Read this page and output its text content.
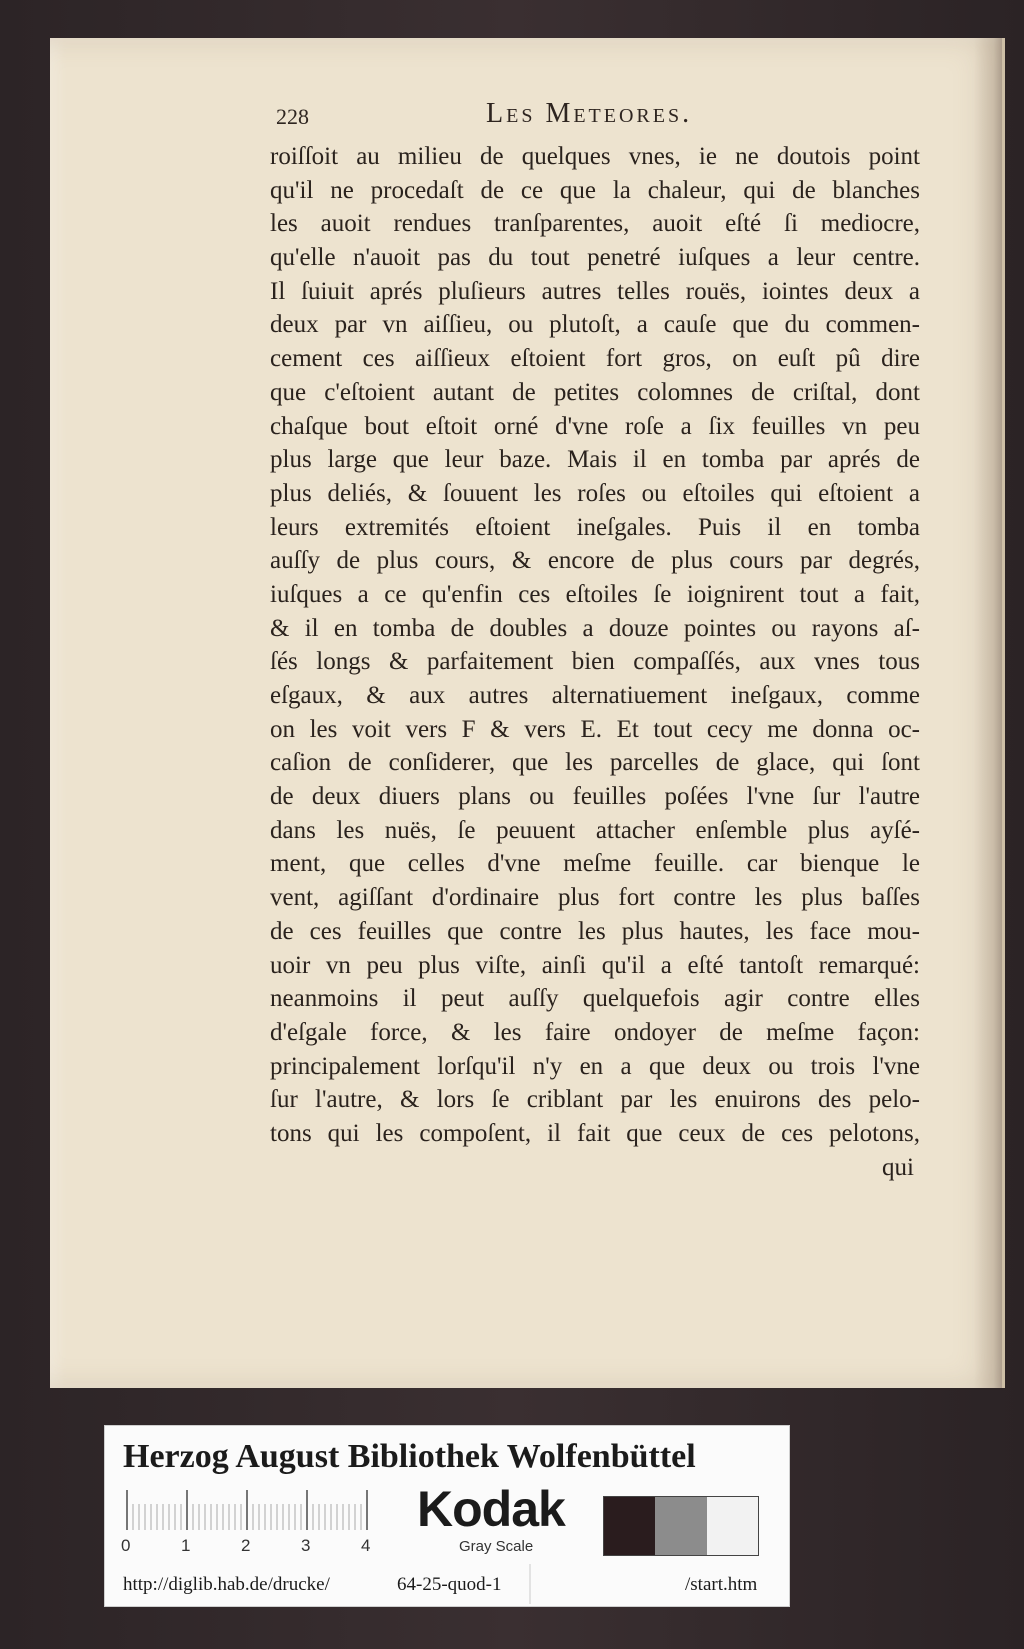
228	Les Meteores.
roiſſoit au milieu de quelques vnes, ie ne doutois point
qu'il ne procedaſt de ce que la chaleur, qui de blanches
les auoit rendues tranſparentes, auoit eſté ſi mediocre,
qu'elle n'auoit pas du tout penetré iuſques a leur centre.
Il ſuiuit aprés pluſieurs autres telles rouës, iointes deux a
deux par vn aiſſieu, ou plutoſt, a cauſe que du commen-
cement ces aiſſieux eſtoient fort gros, on euſt pû dire
que c'eſtoient autant de petites colomnes de criſtal, dont
chaſque bout eſtoit orné d'vne roſe a ſix feuilles vn peu
plus large que leur baze. Mais il en tomba par aprés de
plus deliés, & ſouuent les roſes ou eſtoiles qui eſtoient a
leurs extremités eſtoient ineſgales. Puis il en tomba
auſſy de plus cours, & encore de plus cours par degrés,
iuſques a ce qu'enfin ces eſtoiles ſe ioignirent tout a fait,
& il en tomba de doubles a douze pointes ou rayons aſ-
ſés longs & parfaitement bien compaſſés, aux vnes tous
eſgaux, & aux autres alternatiuement ineſgaux, comme
on les voit vers F & vers E. Et tout cecy me donna oc-
caſion de conſiderer, que les parcelles de glace, qui ſont
de deux diuers plans ou feuilles poſées l'vne ſur l'autre
dans les nuës, ſe peuuent attacher enſemble plus ayſé-
ment, que celles d'vne meſme feuille. car bienque le
vent, agiſſant d'ordinaire plus fort contre les plus baſſes
de ces feuilles que contre les plus hautes, les face mou-
uoir vn peu plus viſte, ainſi qu'il a eſté tantoſt remarqué:
neanmoins il peut auſſy quelquefois agir contre elles
d'eſgale force, & les faire ondoyer de meſme façon:
principalement lorſqu'il n'y en a que deux ou trois l'vne
ſur l'autre, & lors ſe criblant par les enuirons des pelo-
tons qui les compoſent, il fait que ceux de ces pelotons,
qui
Herzog August Bibliothek Wolfenbüttel
0	1	2	3	4
Kodak
Gray Scale
http://diglib.hab.de/drucke/	64-25-quod-1	/start.htm
